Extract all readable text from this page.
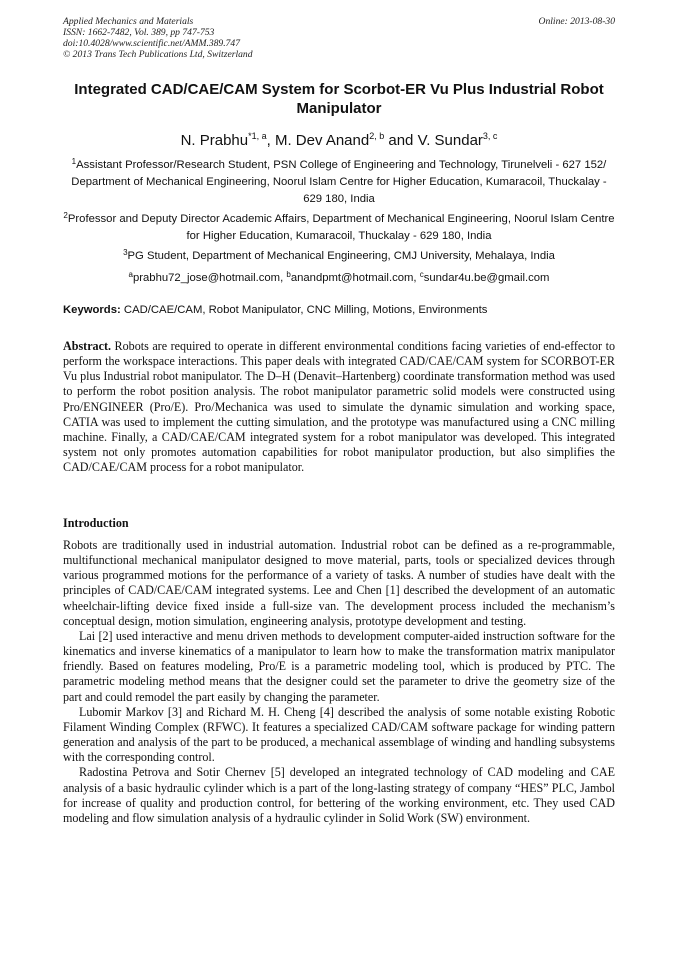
Applied Mechanics and Materials
ISSN: 1662-7482, Vol. 389, pp 747-753
doi:10.4028/www.scientific.net/AMM.389.747
© 2013 Trans Tech Publications Ltd, Switzerland
Online: 2013-08-30
Integrated CAD/CAE/CAM System for Scorbot-ER Vu Plus Industrial Robot Manipulator
N. Prabhu$^{*1, a}$, M. Dev Anand$^{2, b}$ and V. Sundar$^{3, c}$
$^1$Assistant Professor/Research Student, PSN College of Engineering and Technology, Tirunelveli - 627 152/ Department of Mechanical Engineering, Noorul Islam Centre for Higher Education, Kumaracoil, Thuckalay - 629 180, India
$^2$Professor and Deputy Director Academic Affairs, Department of Mechanical Engineering, Noorul Islam Centre for Higher Education, Kumaracoil, Thuckalay - 629 180, India
$^3$PG Student, Department of Mechanical Engineering, CMJ University, Mehalaya, India
$^a$prabhu72_jose@hotmail.com, $^b$anandpmt@hotmail.com, $^c$sundar4u.be@gmail.com
Keywords: CAD/CAE/CAM, Robot Manipulator, CNC Milling, Motions, Environments

Abstract. Robots are required to operate in different environmental conditions facing varieties of end-effector to perform the workspace interactions. This paper deals with integrated CAD/CAE/CAM system for SCORBOT-ER Vu plus Industrial robot manipulator. The D–H (Denavit–Hartenberg) coordinate transformation method was used to perform the robot position analysis. The robot manipulator parametric solid models were constructed using Pro/ENGINEER (Pro/E). Pro/Mechanica was used to simulate the dynamic simulation and working space, CATIA was used to implement the cutting simulation, and the prototype was manufactured using a CNC milling machine. Finally, a CAD/CAE/CAM integrated system for a robot manipulator was developed. This integrated system not only promotes automation capabilities for robot manipulator production, but also simplifies the CAD/CAE/CAM process for a robot manipulator.

Introduction

Robots are traditionally used in industrial automation. Industrial robot can be defined as a re-programmable, multifunctional mechanical manipulator designed to move material, parts, tools or specialized devices through various programmed motions for the performance of a variety of tasks. A number of studies have dealt with the principles of CAD/CAE/CAM integrated systems. Lee and Chen [1] described the development of an automatic wheelchair-lifting device fixed inside a full-size van. The development process included the mechanism’s conceptual design, motion simulation, engineering analysis, prototype development and testing.

Lai [2] used interactive and menu driven methods to development computer-aided instruction software for the kinematics and inverse kinematics of a manipulator to learn how to make the transformation matrix manipulator friendly. Based on features modeling, Pro/E is a parametric modeling tool, which is produced by PTC. The parametric modeling method means that the designer could set the parameter to drive the geometry size of the part and could remodel the part easily by changing the parameter.

Lubomir Markov [3] and Richard M. H. Cheng [4] described the analysis of some notable existing Robotic Filament Winding Complex (RFWC). It features a specialized CAD/CAM software package for winding pattern generation and analysis of the part to be produced, a mechanical assemblage of winding and handling subsystems with the corresponding control.

Radostina Petrova and Sotir Chernev [5] developed an integrated technology of CAD modeling and CAE analysis of a basic hydraulic cylinder which is a part of the long-lasting strategy of company “HES” PLC, Jambol for increase of quality and production control, for bettering of the working environment, etc. They used CAD modeling and flow simulation analysis of a hydraulic cylinder in Solid Work (SW) environment.
